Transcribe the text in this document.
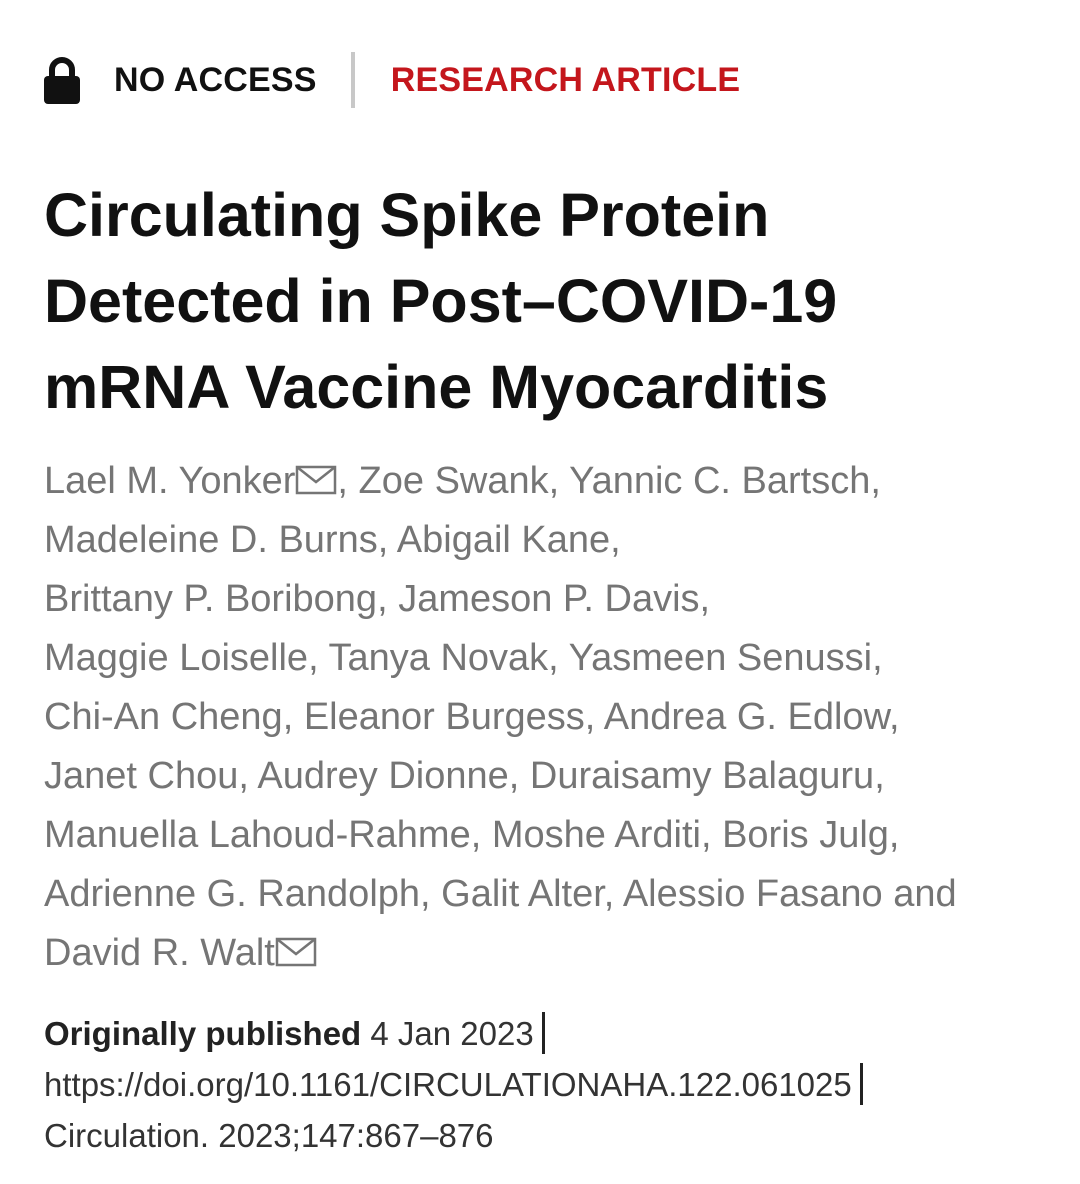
NO ACCESS RESEARCH ARTICLE
Circulating Spike Protein
Detected in Post–COVID-19
mRNA Vaccine Myocarditis
Lael M. Yonker , Zoe Swank, Yannic C. Bartsch,
Madeleine D. Burns, Abigail Kane,
Brittany P. Boribong, Jameson P. Davis,
Maggie Loiselle, Tanya Novak, Yasmeen Senussi,
Chi-An Cheng, Eleanor Burgess, Andrea G. Edlow,
Janet Chou, Audrey Dionne, Duraisamy Balaguru,
Manuella Lahoud-Rahme, Moshe Arditi, Boris Julg,
Adrienne G. Randolph, Galit Alter, Alessio Fasano and
David R. Walt
Originally published 4 Jan 2023
https://doi.org/10.1161/CIRCULATIONAHA.122.061025
Circulation. 2023;147:867–876
